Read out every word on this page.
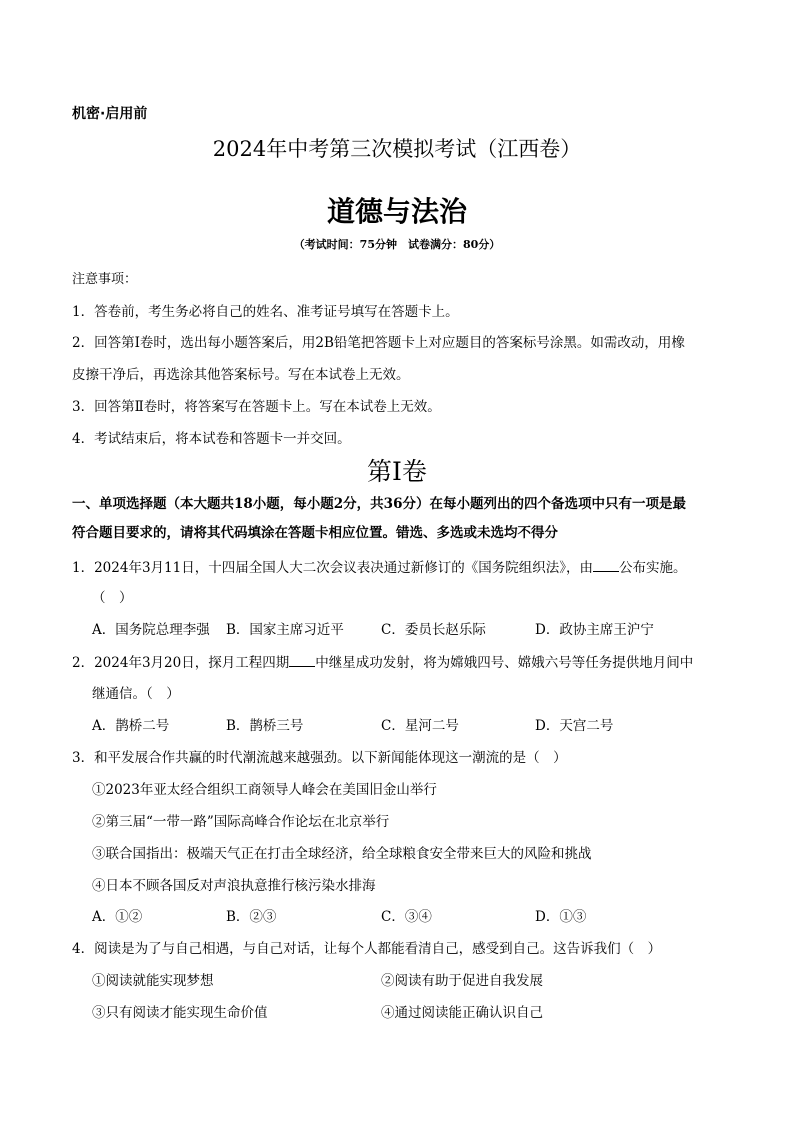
机密·启用前
2024年中考第三次模拟考试（江西卷）
道德与法治
（考试时间：75分钟　试卷满分：80分）
注意事项：
1．答卷前，考生务必将自己的姓名、准考证号填写在答题卡上。
2．回答第Ⅰ卷时，选出每小题答案后，用2B铅笔把答题卡上对应题目的答案标号涂黑。如需改动，用橡
皮擦干净后，再选涂其他答案标号。写在本试卷上无效。
3．回答第Ⅱ卷时，将答案写在答题卡上。写在本试卷上无效。
4．考试结束后，将本试卷和答题卡一并交回。
第Ⅰ卷
一、单项选择题（本大题共18小题，每小题2分，共36分）在每小题列出的四个备选项中只有一项是最
符合题目要求的，请将其代码填涂在答题卡相应位置。错选、多选或未选均不得分
1．2024年3月11日，十四届全国人大二次会议表决通过新修订的《国务院组织法》，由 公布实施。
（　）
A．国务院总理李强 B．国家主席习近平	C．委员长赵乐际	D．政协主席王沪宁
2．2024年3月20日，探月工程四期 中继星成功发射，将为嫦娥四号、嫦娥六号等任务提供地月间中
继通信。（　）
A．鹊桥二号	B．鹊桥三号	C．星河二号	D．天宫二号
3．和平发展合作共赢的时代潮流越来越强劲。以下新闻能体现这一潮流的是（　）
①2023年亚太经合组织工商领导人峰会在美国旧金山举行
②第三届“一带一路”国际高峰合作论坛在北京举行
③联合国指出：极端天气正在打击全球经济，给全球粮食安全带来巨大的风险和挑战
④日本不顾各国反对声浪执意推行核污染水排海
A．①②	B．②③	C．③④	D．①③
4．阅读是为了与自己相遇，与自己对话，让每个人都能看清自己，感受到自己。这告诉我们（　）
①阅读就能实现梦想	②阅读有助于促进自我发展
③只有阅读才能实现生命价值	④通过阅读能正确认识自己
